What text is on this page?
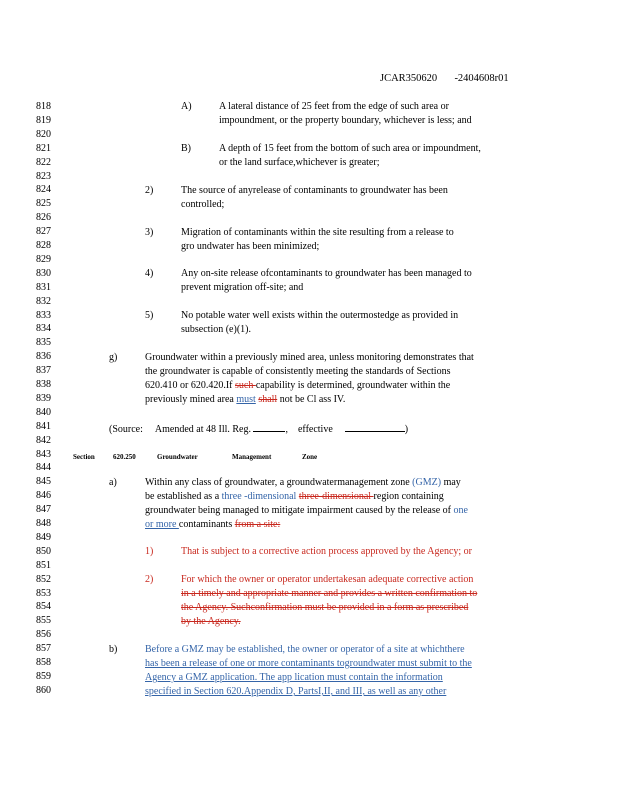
JCAR350620 -2404608r01
818
819
820
821
822
823
824
825
826
827
828
829
830
831
832
833
834
835
836
837
838
839
840
841
842
843
844
845
846
847
848
849
850
851
852
853
854
855
856
857
858
859
860
A)	A lateral distance of 25 feet from the edge of such area or
impoundment, or the property boundary, whichever is less; and
B)	A depth of 15 feet from the bottom of such area or impoundment,
or the land surface,whichever is greater;
2)	The source of anyrelease of contaminants to groundwater has been
controlled;
3)	Migration of contaminants within the site resulting from a release to
gro undwater has been minimized;
4)	Any on-site release ofcontaminants to groundwater has been managed to
prevent migration off-site; and
5)	No potable water well exists within the outermostedge as provided in
subsection (e)(1).
g)	Groundwater within a previously mined area, unless monitoring demonstrates that
the groundwater is capable of consistently meeting the standards of Sections
620.410 or 620.420.If such capability is determined, groundwater within the
previously mined area must shall not be Cl ass IV.
(Source: Amended at 48 Ill. Reg.	, effective	)
Section	620.250	Groundwater	Management	Zone
a)	Within any class of groundwater, a groundwatermanagement zone (GMZ) may
be established as a three -dimensional three-dimensional region containing
groundwater being managed to mitigate impairment caused by the release of one
or more contaminants from a site:
1)	That is subject to a corrective action process approved by the Agency; or
2)	For which the owner or operator undertakesan adequate corrective action
in a timely and appropriate manner and provides a written confirmation to
the Agency. Suchconfirmation must be provided in a form as prescribed
by the Agency.
b)	Before a GMZ may be established, the owner or operator of a site at whichthere
has been a release of one or more contaminants togroundwater must submit to the
Agency a GMZ application. The app lication must contain the information
specified in Section 620.Appendix D, PartsI,II, and III, as well as any other
